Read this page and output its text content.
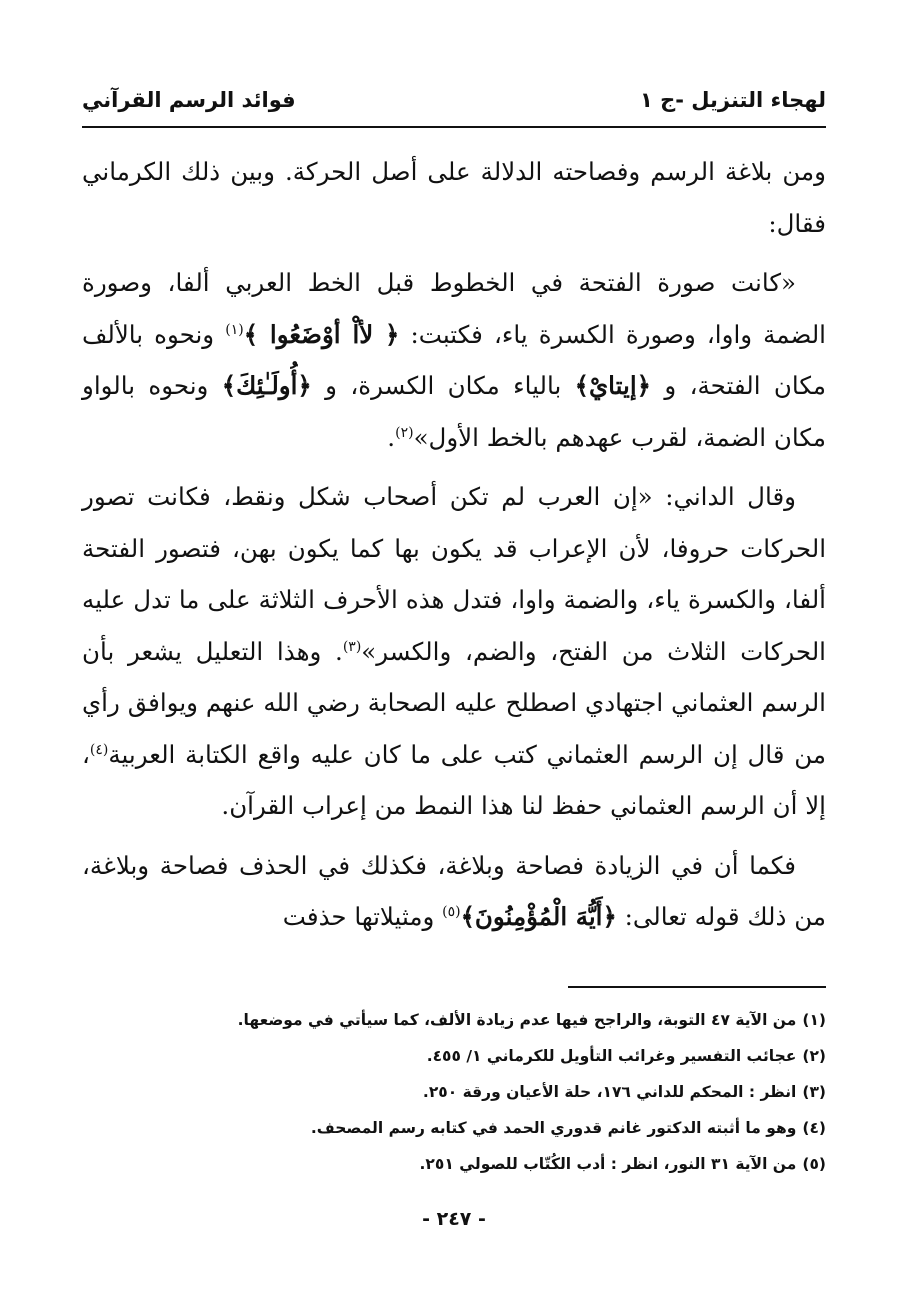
لهجاء التنزيل -ج ١
فوائد الرسم القرآني

ومن بلاغة الرسم وفصاحته الدلالة على أصل الحركة. وبين ذلك الكرماني فقال:

«كانت صورة الفتحة في الخطوط قبل الخط العربي ألفا، وصورة الضمة واوا، وصورة الكسرة ياء، فكتبت: ﴿ لأاْ أوْضَعُوا ﴾$^{(١)}$ ونحوه بالألف مكان الفتحة، و ﴿إيتايْ﴾ بالياء مكان الكسرة، و ﴿أُولَـٰئِكَ﴾ ونحوه بالواو مكان الضمة، لقرب عهدهم بالخط الأول»$^{(٢)}$.

وقال الداني: «إن العرب لم تكن أصحاب شكل ونقط، فكانت تصور الحركات حروفا، لأن الإعراب قد يكون بها كما يكون بهن، فتصور الفتحة ألفا، والكسرة ياء، والضمة واوا، فتدل هذه الأحرف الثلاثة على ما تدل عليه الحركات الثلاث من الفتح، والضم، والكسر»$^{(٣)}$. وهذا التعليل يشعر بأن الرسم العثماني اجتهادي اصطلح عليه الصحابة رضي الله عنهم ويوافق رأي من قال إن الرسم العثماني كتب على ما كان عليه واقع الكتابة العربية$^{(٤)}$، إلا أن الرسم العثماني حفظ لنا هذا النمط من إعراب القرآن.

فكما أن في الزيادة فصاحة وبلاغة، فكذلك في الحذف فصاحة وبلاغة، من ذلك قوله تعالى: ﴿أَيُّهَ الْمُؤْمِنُونَ﴾$^{(٥)}$ ومثيلاتها حذفت

(١)
من الآية ٤٧ التوبة، والراجح فيها عدم زيادة الألف، كما سيأتي في موضعها.
(٢)
عجائب التفسير وغرائب التأويل للكرماني ١/ ٤٥٥.
(٣)
انظر : المحكم للداني ١٧٦، حلة الأعيان ورقة ٢٥٠.
(٤)
وهو ما أثبته الدكتور غانم قدوري الحمد في كتابه رسم المصحف.
(٥)
من الآية ٣١ النور، انظر : أدب الكُتّاب للصولي ٢٥١.
- ٢٤٧ -
